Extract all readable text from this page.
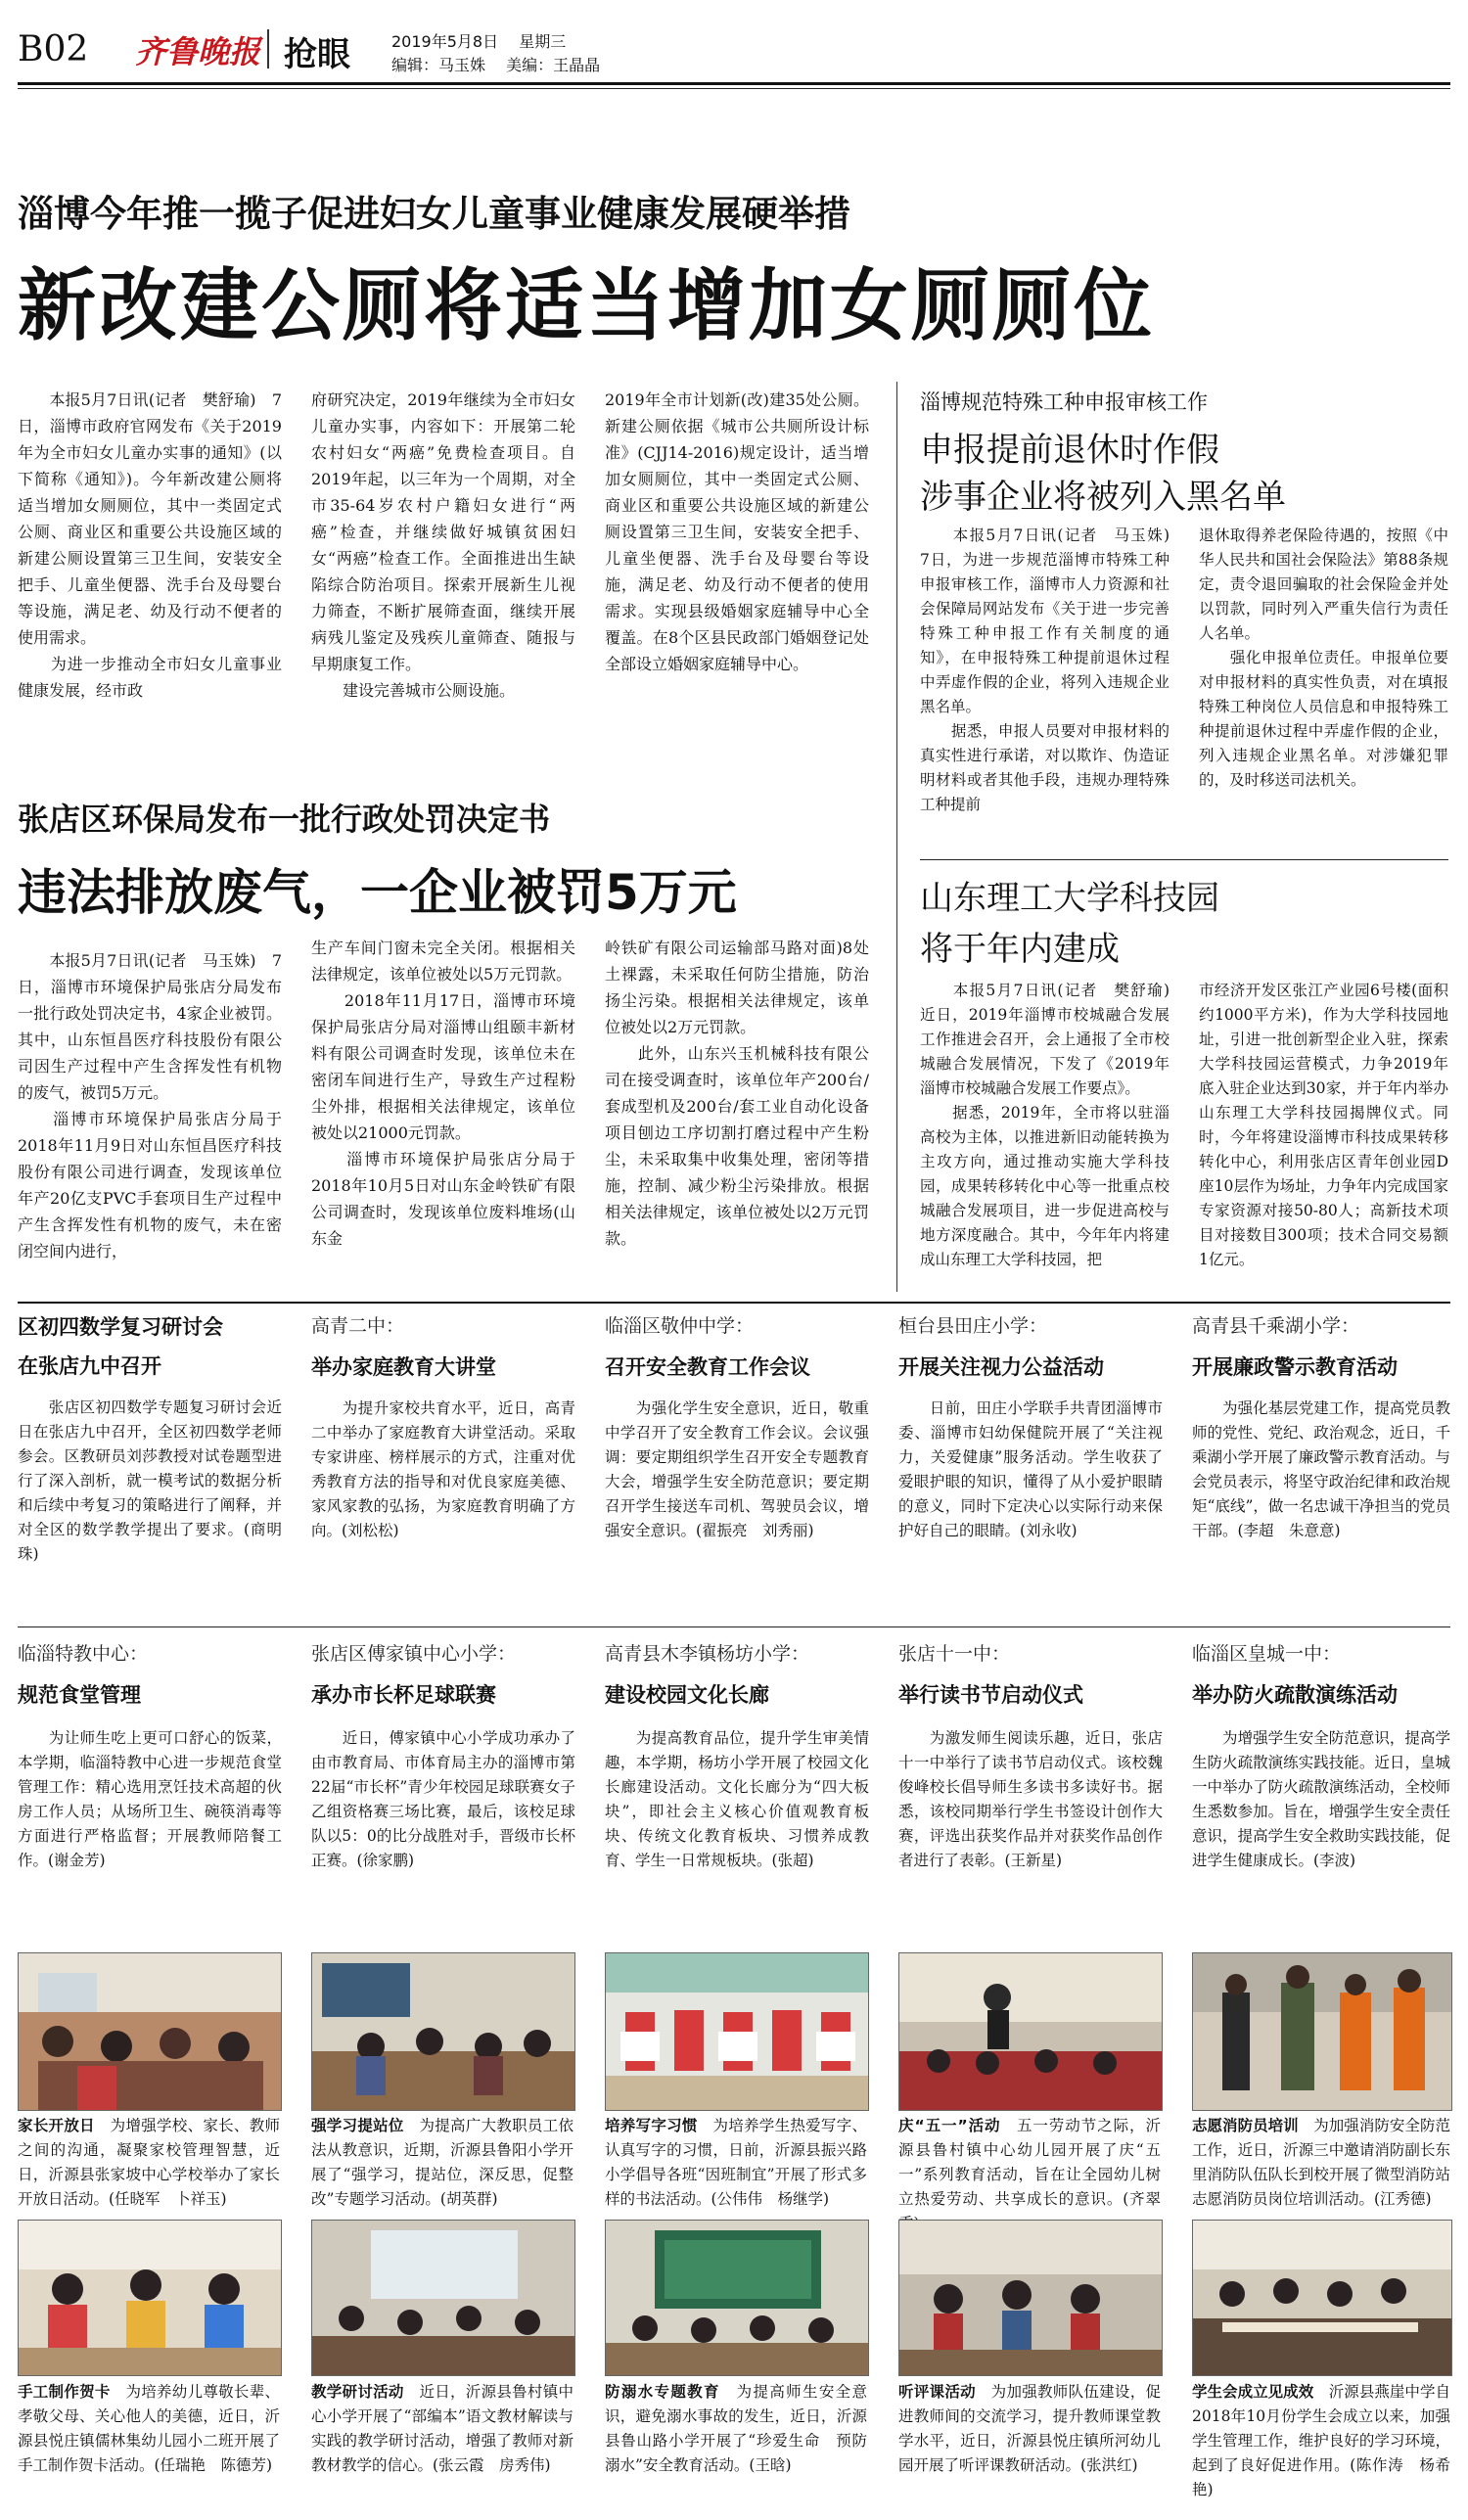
B02 齐鲁晚报 抢眼	2019年5月8日 星期三
编辑：马玉姝 美编：王晶晶
淄博今年推一揽子促进妇女儿童事业健康发展硬举措
新改建公厕将适当增加女厕厕位
　　本报5月7日讯(记者　樊舒瑜)　7日，淄博市政府官网发布《关于2019年为全市妇女儿童办实事的通知》(以下简称《通知》)。今年新改建公厕将适当增加女厕厕位，其中一类固定式公厕、商业区和重要公共设施区域的新建公厕设置第三卫生间，安装安全把手、儿童坐便器、洗手台及母婴台等设施，满足老、幼及行动不便者的使用需求。
　　为进一步推动全市妇女儿童事业健康发展，经市政
府研究决定，2019年继续为全市妇女儿童办实事，内容如下：开展第二轮农村妇女“两癌”免费检查项目。自2019年起，以三年为一个周期，对全市35-64岁农村户籍妇女进行“两癌”检查，并继续做好城镇贫困妇女“两癌”检查工作。全面推进出生缺陷综合防治项目。探索开展新生儿视力筛查，不断扩展筛查面，继续开展病残儿鉴定及残疾儿童筛查、随报与早期康复工作。
　　建设完善城市公厕设施。
2019年全市计划新(改)建35处公厕。新建公厕依据《城市公共厕所设计标准》(CJJ14-2016)规定设计，适当增加女厕厕位，其中一类固定式公厕、商业区和重要公共设施区域的新建公厕设置第三卫生间，安装安全把手、儿童坐便器、洗手台及母婴台等设施，满足老、幼及行动不便者的使用需求。实现县级婚姻家庭辅导中心全覆盖。在8个区县民政部门婚姻登记处全部设立婚姻家庭辅导中心。
淄博规范特殊工种申报审核工作
申报提前退休时作假
涉事企业将被列入黑名单
　　本报5月7日讯(记者　马玉姝)　7日，为进一步规范淄博市特殊工种申报审核工作，淄博市人力资源和社会保障局网站发布《关于进一步完善特殊工种申报工作有关制度的通知》，在申报特殊工种提前退休过程中弄虚作假的企业，将列入违规企业黑名单。
　　据悉，申报人员要对申报材料的真实性进行承诺，对以欺诈、伪造证明材料或者其他手段，违规办理特殊工种提前
退休取得养老保险待遇的，按照《中华人民共和国社会保险法》第88条规定，责令退回骗取的社会保险金并处以罚款，同时列入严重失信行为责任人名单。
　　强化申报单位责任。申报单位要对申报材料的真实性负责，对在填报特殊工种岗位人员信息和申报特殊工种提前退休过程中弄虚作假的企业，列入违规企业黑名单。对涉嫌犯罪的，及时移送司法机关。
张店区环保局发布一批行政处罚决定书
违法排放废气，一企业被罚5万元
　　本报5月7日讯(记者　马玉姝)　7日，淄博市环境保护局张店分局发布一批行政处罚决定书，4家企业被罚。其中，山东恒昌医疗科技股份有限公司因生产过程中产生含挥发性有机物的废气，被罚5万元。
　　淄博市环境保护局张店分局于2018年11月9日对山东恒昌医疗科技股份有限公司进行调查，发现该单位年产20亿支PVC手套项目生产过程中产生含挥发性有机物的废气，未在密闭空间内进行，
生产车间门窗未完全关闭。根据相关法律规定，该单位被处以5万元罚款。
　　2018年11月17日，淄博市环境保护局张店分局对淄博山组颐丰新材料有限公司调查时发现，该单位未在密闭车间进行生产，导致生产过程粉尘外排，根据相关法律规定，该单位被处以21000元罚款。
　　淄博市环境保护局张店分局于2018年10月5日对山东金岭铁矿有限公司调查时，发现该单位废料堆场(山东金
岭铁矿有限公司运输部马路对面)8处土裸露，未采取任何防尘措施，防治扬尘污染。根据相关法律规定，该单位被处以2万元罚款。
　　此外，山东兴玉机械科技有限公司在接受调查时，该单位年产200台/套成型机及200台/套工业自动化设备项目刨边工序切割打磨过程中产生粉尘，未采取集中收集处理，密闭等措施，控制、减少粉尘污染排放。根据相关法律规定，该单位被处以2万元罚款。
山东理工大学科技园
将于年内建成
　　本报5月7日讯(记者　樊舒瑜)　近日，2019年淄博市校城融合发展工作推进会召开，会上通报了全市校城融合发展情况，下发了《2019年淄博市校城融合发展工作要点》。
　　据悉，2019年，全市将以驻淄高校为主体，以推进新旧动能转换为主攻方向，通过推动实施大学科技园，成果转移转化中心等一批重点校城融合发展项目，进一步促进高校与地方深度融合。其中，今年年内将建成山东理工大学科技园，把
市经济开发区张江产业园6号楼(面积约1000平方米)，作为大学科技园地址，引进一批创新型企业入驻，探索大学科技园运营模式，力争2019年底入驻企业达到30家，并于年内举办山东理工大学科技园揭牌仪式。同时，今年将建设淄博市科技成果转移转化中心，利用张店区青年创业园D座10层作为场址，力争年内完成国家专家资源对接50-80人；高新技术项目对接数目300项；技术合同交易额1亿元。
区初四数学复习研讨会
在张店九中召开
　　张店区初四数学专题复习研讨会近日在张店九中召开，全区初四数学老师参会。区教研员刘莎教授对试卷题型进行了深入剖析，就一模考试的数据分析和后续中考复习的策略进行了阐释，并对全区的数学教学提出了要求。(商明珠)
高青二中：
举办家庭教育大讲堂
　　为提升家校共育水平，近日，高青二中举办了家庭教育大讲堂活动。采取专家讲座、榜样展示的方式，注重对优秀教育方法的指导和对优良家庭美德、家风家教的弘扬，为家庭教育明确了方向。(刘松松)
临淄区敬仲中学：
召开安全教育工作会议
　　为强化学生安全意识，近日，敬重中学召开了安全教育工作会议。会议强调：要定期组织学生召开安全专题教育大会，增强学生安全防范意识；要定期召开学生接送车司机、驾驶员会议，增强安全意识。(翟振亮　刘秀丽)
桓台县田庄小学：
开展关注视力公益活动
　　日前，田庄小学联手共青团淄博市委、淄博市妇幼保健院开展了“关注视力，关爱健康”服务活动。学生收获了爱眼护眼的知识，懂得了从小爱护眼睛的意义，同时下定决心以实际行动来保护好自己的眼睛。(刘永收)
高青县千乘湖小学：
开展廉政警示教育活动
　　为强化基层党建工作，提高党员教师的党性、党纪、政治观念，近日，千乘湖小学开展了廉政警示教育活动。与会党员表示，将坚守政治纪律和政治规矩“底线”，做一名忠诚干净担当的党员干部。(李超　朱意意)
临淄特教中心：
规范食堂管理
　　为让师生吃上更可口舒心的饭菜，本学期，临淄特教中心进一步规范食堂管理工作：精心选用烹饪技术高超的伙房工作人员；从场所卫生、碗筷消毒等方面进行严格监督；开展教师陪餐工作。(谢金芳)
张店区傅家镇中心小学：
承办市长杯足球联赛
　　近日，傅家镇中心小学成功承办了由市教育局、市体育局主办的淄博市第22届“市长杯”青少年校园足球联赛女子乙组资格赛三场比赛，最后，该校足球队以5：0的比分战胜对手，晋级市长杯正赛。(徐家鹏)
高青县木李镇杨坊小学：
建设校园文化长廊
　　为提高教育品位，提升学生审美情趣，本学期，杨坊小学开展了校园文化长廊建设活动。文化长廊分为“四大板块”，即社会主义核心价值观教育板块、传统文化教育板块、习惯养成教育、学生一日常规板块。(张超)
张店十一中：
举行读书节启动仪式
　　为激发师生阅读乐趣，近日，张店十一中举行了读书节启动仪式。该校魏俊峰校长倡导师生多读书多读好书。据悉，该校同期举行学生书签设计创作大赛，评选出获奖作品并对获奖作品创作者进行了表彰。(王新星)
临淄区皇城一中：
举办防火疏散演练活动
　　为增强学生安全防范意识，提高学生防火疏散演练实践技能。近日，皇城一中举办了防火疏散演练活动，全校师生悉数参加。旨在，增强学生安全责任意识，提高学生安全救助实践技能，促进学生健康成长。(李波)
家长开放日　为增强学校、家长、教师之间的沟通，凝聚家校管理智慧，近日，沂源县张家坡中心学校举办了家长开放日活动。(任晓军　卜祥玉)
强学习提站位　为提高广大教职员工依法从教意识，近期，沂源县鲁阳小学开展了“强学习，提站位，深反思，促整改”专题学习活动。(胡英群)
培养写字习惯　为培养学生热爱写字、认真写字的习惯，日前，沂源县振兴路小学倡导各班“因班制宜”开展了形式多样的书法活动。(公伟伟　杨继学)
庆“五一”活动　五一劳动节之际，沂源县鲁村镇中心幼儿园开展了庆“五一”系列教育活动，旨在让全园幼儿树立热爱劳动、共享成长的意识。(齐翠
志愿消防员培训　为加强消防安全防范工作，近日，沂源三中邀请消防副长东里消防队伍队长到校开展了微型消防站志愿消防员岗位培训活动。(江秀德)
手工制作贺卡　为培养幼儿尊敬长辈、孝敬父母、关心他人的美德，近日，沂源县悦庄镇儒林集幼儿园小二班开展了手工制作贺卡活动。(任瑞艳　陈德芳)
教学研讨活动　近日，沂源县鲁村镇中心小学开展了“部编本”语文教材解读与实践的教学研讨活动，增强了教师对新教材教学的信心。(张云霞　房秀伟)
防溺水专题教育　为提高师生安全意识，避免溺水事故的发生，近日，沂源县鲁山路小学开展了“珍爱生命　预防溺水”安全教育活动。(王晗)
听评课活动　为加强教师队伍建设，促进教师间的交流学习，提升教师课堂教学水平，近日，沂源县悦庄镇所河幼儿园开展了听评课教研活动。(张洪红)
学生会成立见成效　沂源县燕崖中学自2018年10月份学生会成立以来，加强学生管理工作，维护良好的学习环境，起到了良好促进作用。(陈作涛　杨希艳)
